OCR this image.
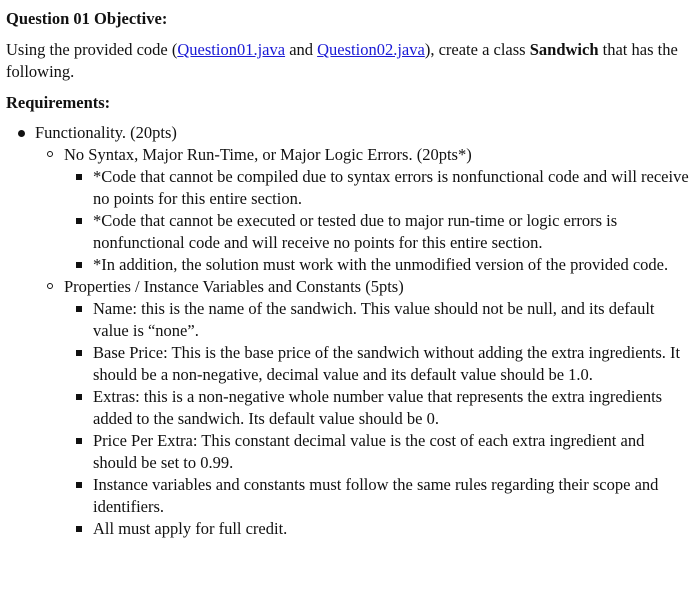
Question 01 Objective:
Using the provided code (Question01.java and Question02.java), create a class Sandwich that has the following.
Requirements:
Functionality. (20pts)
No Syntax, Major Run-Time, or Major Logic Errors. (20pts*)
*Code that cannot be compiled due to syntax errors is nonfunctional code and will receive no points for this entire section.
*Code that cannot be executed or tested due to major run-time or logic errors is nonfunctional code and will receive no points for this entire section.
*In addition, the solution must work with the unmodified version of the provided code.
Properties / Instance Variables and Constants (5pts)
Name: this is the name of the sandwich. This value should not be null, and its default value is “none”.
Base Price: This is the base price of the sandwich without adding the extra ingredients. It should be a non-negative, decimal value and its default value should be 1.0.
Extras: this is a non-negative whole number value that represents the extra ingredients added to the sandwich. Its default value should be 0.
Price Per Extra: This constant decimal value is the cost of each extra ingredient and should be set to 0.99.
Instance variables and constants must follow the same rules regarding their scope and identifiers.
All must apply for full credit.
